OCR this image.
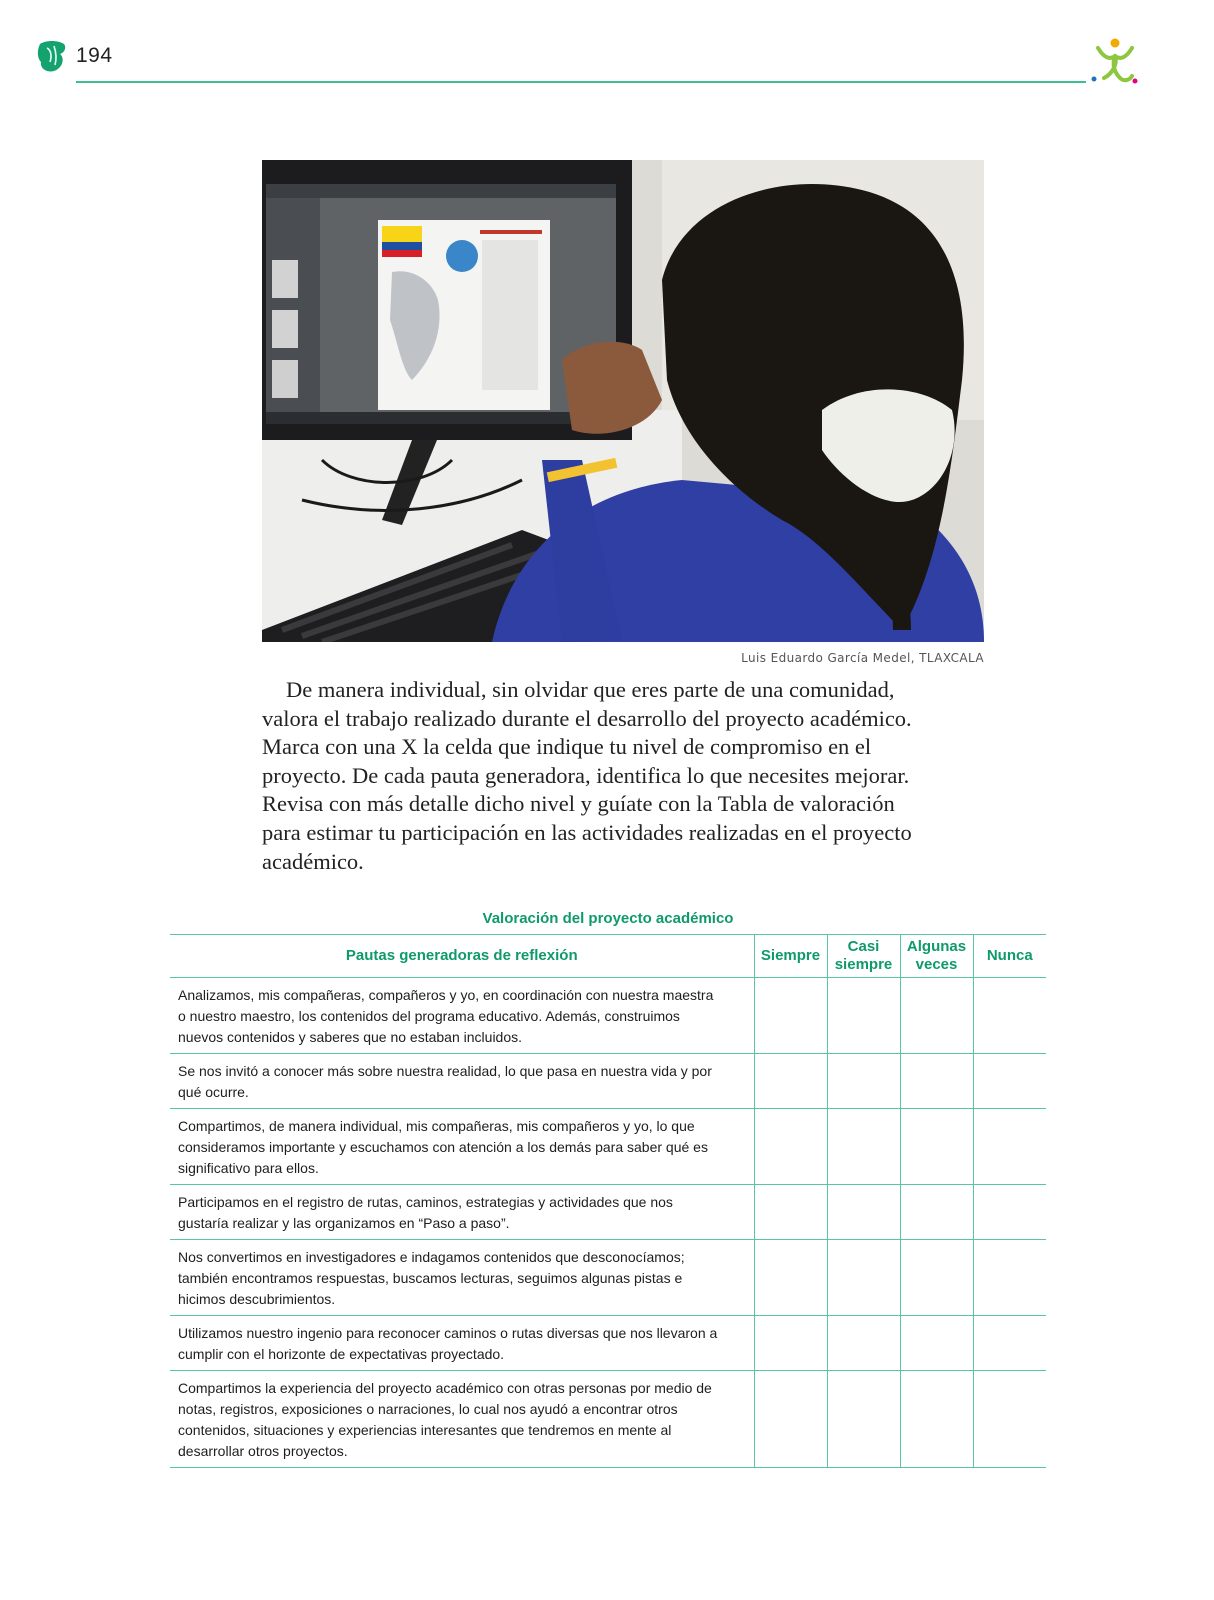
194
Luis Eduardo García Medel, TLAXCALA
De manera individual, sin olvidar que eres parte de una comunidad, valora el trabajo realizado durante el desarrollo del proyecto académico. Marca con una X la celda que indique tu nivel de compromiso en el proyecto. De cada pauta generadora, identifica lo que necesites mejorar. Revisa con más detalle dicho nivel y guíate con la Tabla de valoración para estimar tu participación en las actividades realizadas en el proyecto académico.
Valoración del proyecto académico
Pautas generadoras de reflexión	Siempre	Casi siempre	Algunas veces	Nunca
Analizamos, mis compañeras, compañeros y yo, en coordinación con nuestra maestra o nuestro maestro, los contenidos del programa educativo. Además, construimos nuevos contenidos y saberes que no estaban incluidos.				
Se nos invitó a conocer más sobre nuestra realidad, lo que pasa en nuestra vida y por qué ocurre.				
Compartimos, de manera individual, mis compañeras, mis compañeros y yo, lo que consideramos importante y escuchamos con atención a los demás para saber qué es significativo para ellos.				
Participamos en el registro de rutas, caminos, estrategias y actividades que nos gustaría realizar y las organizamos en “Paso a paso”.				
Nos convertimos en investigadores e indagamos contenidos que desconocíamos; también encontramos respuestas, buscamos lecturas, seguimos algunas pistas e hicimos descubrimientos.				
Utilizamos nuestro ingenio para reconocer caminos o rutas diversas que nos llevaron a cumplir con el horizonte de expectativas proyectado.				
Compartimos la experiencia del proyecto académico con otras personas por medio de notas, registros, exposiciones o narraciones, lo cual nos ayudó a encontrar otros contenidos, situaciones y experiencias interesantes que tendremos en mente al desarrollar otros proyectos.				
